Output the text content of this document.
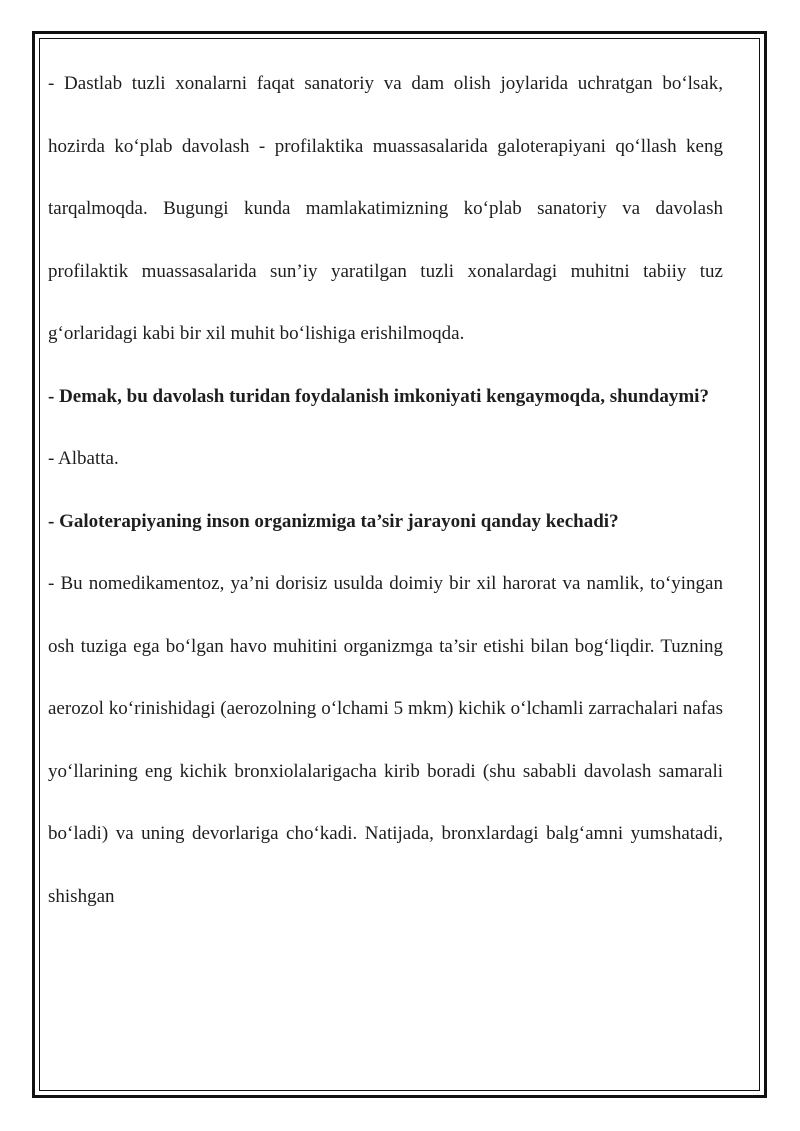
- Dastlab tuzli xonalarni faqat sanatoriy va dam olish joylarida uchratgan bo‘lsak, hozirda ko‘plab davolash - profilaktika muassasalarida galoterapiyani qo‘llash keng tarqalmoqda. Bugungi kunda mamlakatimizning ko‘plab sanatoriy va davolash profilaktik muassasalarida sun’iy yaratilgan tuzli xonalardagi muhitni tabiiy tuz g‘orlaridagi kabi bir xil muhit bo‘lishiga erishilmoqda.

- Demak, bu davolash turidan foydalanish imkoniyati kengaymoqda, shundaymi?

- Albatta.

- Galoterapiyaning inson organizmiga ta’sir jarayoni qanday kechadi?

- Bu nomedikamentoz, ya’ni dorisiz usulda doimiy bir xil harorat va namlik, to‘yingan osh tuziga ega bo‘lgan havo muhitini organizmga ta’sir etishi bilan bog‘liqdir. Tuzning aerozol ko‘rinishidagi (aerozolning o‘lchami 5 mkm) kichik o‘lchamli zarrachalari nafas yo‘llarining eng kichik bronxiolalarigacha kirib boradi (shu sababli davolash samarali bo‘ladi) va uning devorlariga cho‘kadi. Natijada, bronxlardagi balg‘amni yumshatadi, shishgan
